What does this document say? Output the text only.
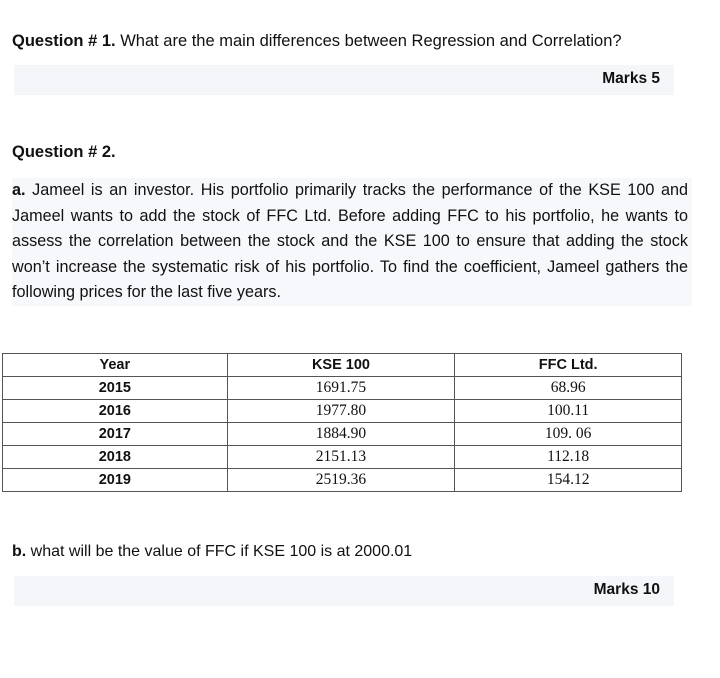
Question # 1. What are the main differences between Regression and Correlation?
Marks 5
Question # 2.
a. Jameel is an investor. His portfolio primarily tracks the performance of the KSE 100 and Jameel wants to add the stock of FFC Ltd. Before adding FFC to his portfolio, he wants to assess the correlation between the stock and the KSE 100 to ensure that adding the stock won’t increase the systematic risk of his portfolio. To find the coefficient, Jameel gathers the following prices for the last five years.
Year	KSE 100	FFC Ltd.
2015	1691.75	68.96
2016	1977.80	100.11
2017	1884.90	109. 06
2018	2151.13	112.18
2019	2519.36	154.12
b. what will be the value of FFC if KSE 100 is at 2000.01
Marks 10
